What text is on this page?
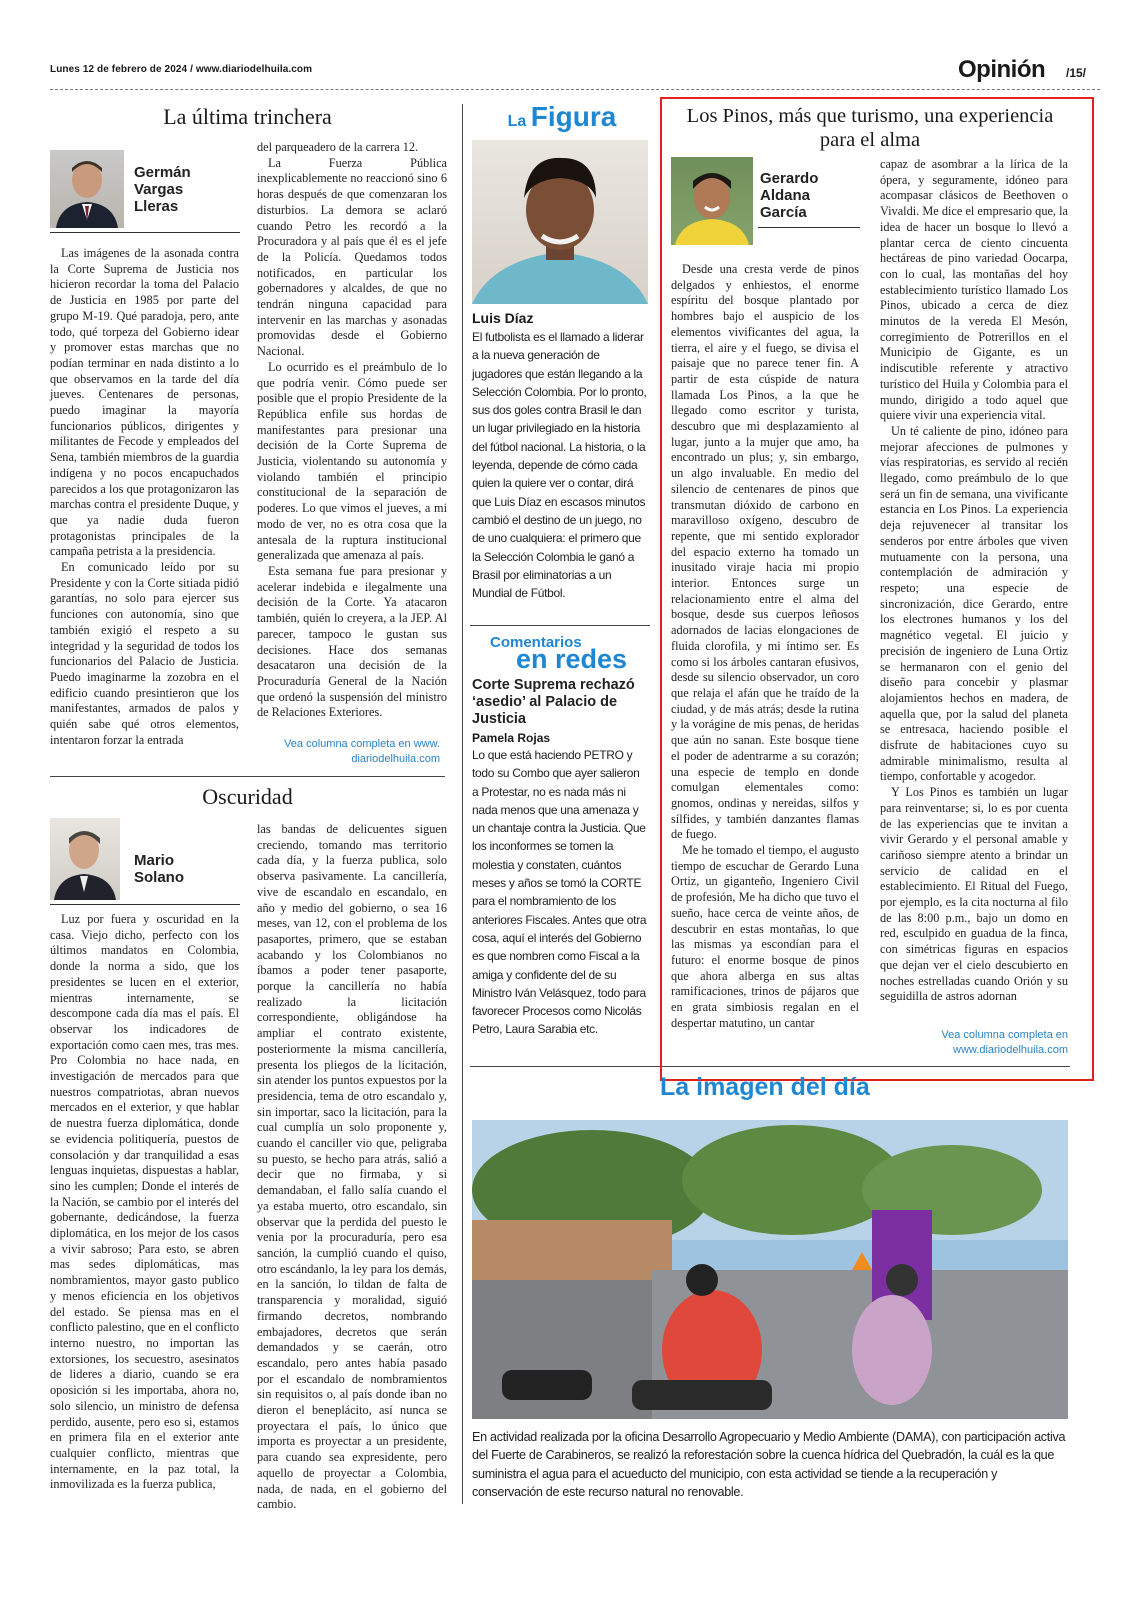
Lunes 12 de febrero de 2024 / www.diariodelhuila.com	Opinión /15/
La última trinchera
Germán Vargas Lleras

Las imágenes de la asonada contra la Corte Suprema de Justicia nos hicieron recordar la toma del Palacio de Justicia en 1985 por parte del grupo M-19. Qué paradoja, pero, ante todo, qué torpeza del Gobierno idear y promover estas marchas que no podían terminar en nada distinto a lo que observamos en la tarde del día jueves. Centenares de personas, puedo imaginar la mayoría funcionarios públicos, dirigentes y militantes de Fecode y empleados del Sena, también miembros de la guardia indígena y no pocos encapuchados parecidos a los que protagonizaron las marchas contra el presidente Duque, y que ya nadie duda fueron protagonistas principales de la campaña petrista a la presidencia.

En comunicado leído por su Presidente y con la Corte sitiada pidió garantías, no solo para ejercer sus funciones con autonomía, sino que también exigió el respeto a su integridad y la seguridad de todos los funcionarios del Palacio de Justicia. Puedo imaginarme la zozobra en el edificio cuando presintieron que los manifestantes, armados de palos y quién sabe qué otros elementos, intentaron forzar la entrada

del parqueadero de la carrera 12.

La Fuerza Pública inexplicablemente no reaccionó sino 6 horas después de que comenzaran los disturbios. La demora se aclaró cuando Petro les recordó a la Procuradora y al país que él es el jefe de la Policía. Quedamos todos notificados, en particular los gobernadores y alcaldes, de que no tendrán ninguna capacidad para intervenir en las marchas y asonadas promovidas desde el Gobierno Nacional.

Lo ocurrido es el preámbulo de lo que podría venir. Cómo puede ser posible que el propio Presidente de la República enfile sus hordas de manifestantes para presionar una decisión de la Corte Suprema de Justicia, violentando su autonomía y violando también el principio constitucional de la separación de poderes. Lo que vimos el jueves, a mi modo de ver, no es otra cosa que la antesala de la ruptura institucional generalizada que amenaza al país.

Esta semana fue para presionar y acelerar indebida e ilegalmente una decisión de la Corte. Ya atacaron también, quién lo creyera, a la JEP. Al parecer, tampoco le gustan sus decisiones. Hace dos semanas desacataron una decisión de la Procuraduría General de la Nación que ordenó la suspensión del ministro de Relaciones Exteriores.

Vea columna completa en www. diariodelhuila.com
Oscuridad
Mario Solano

Luz por fuera y oscuridad en la casa. Viejo dicho, perfecto con los últimos mandatos en Colombia, donde la norma a sido, que los presidentes se lucen en el exterior, mientras internamente, se descompone cada día mas el país. El observar los indicadores de exportación como caen mes, tras mes. Pro Colombia no hace nada, en investigación de mercados para que nuestros compatriotas, abran nuevos mercados en el exterior, y que hablar de nuestra fuerza diplomática, donde se evidencia politiquería, puestos de consolación y dar tranquilidad a esas lenguas inquietas, dispuestas a hablar, sino les cumplen; Donde el interés de la Nación, se cambio por el interés del gobernante, dedicándose, la fuerza diplomática, en los mejor de los casos a vivir sabroso; Para esto, se abren mas sedes diplomáticas, mas nombramientos, mayor gasto publico y menos eficiencia en los objetivos del estado. Se piensa mas en el conflicto palestino, que en el conflicto interno nuestro, no importan las extorsiones, los secuestro, asesinatos de lideres a diario, cuando se era oposición si les importaba, ahora no, solo silencio, un ministro de defensa perdido, ausente, pero eso si, estamos en primera fila en el exterior ante cualquier conflicto, mientras que internamente, en la paz total, la inmovilizada es la fuerza publica,

las bandas de delicuentes siguen creciendo, tomando mas territorio cada día, y la fuerza publica, solo observa pasivamente. La cancillería, vive de escandalo en escandalo, en año y medio del gobierno, o sea 16 meses, van 12, con el problema de los pasaportes, primero, que se estaban acabando y los Colombianos no íbamos a poder tener pasaporte, porque la cancillería no había realizado la licitación correspondiente, obligándose ha ampliar el contrato existente, posteriormente la misma cancillería, presenta los pliegos de la licitación, sin atender los puntos expuestos por la presidencia, tema de otro escandalo y, sin importar, saco la licitación, para la cual cumplía un solo proponente y, cuando el canciller vio que, peligraba su puesto, se hecho para atrás, salió a decir que no firmaba, y si demandaban, el fallo salía cuando el ya estaba muerto, otro escandalo, sin observar que la perdida del puesto le venia por la procuraduría, pero esa sanción, la cumplió cuando el quiso, otro escándanlo, la ley para los demás, en la sanción, lo tildan de falta de transparencia y moralidad, siguió firmando decretos, nombrando embajadores, decretos que serán demandados y se caerán, otro escandalo, pero antes había pasado por el escandalo de nombramientos sin requisitos o, al país donde iban no dieron el beneplácito, así nunca se proyectara el país, lo único que importa es proyectar a un presidente, para cuando sea expresidente, pero aquello de proyectar a Colombia, nada, de nada, en el gobierno del cambio.

La Figura
Luis Díaz
El futbolista es el llamado a liderar a la nueva generación de jugadores que están llegando a la Selección Colombia. Por lo pronto, sus dos goles contra Brasil le dan un lugar privilegiado en la historia del fútbol nacional. La historia, o la leyenda, depende de cómo cada quien la quiere ver o contar, dirá que Luis Díaz en escasos minutos cambió el destino de un juego, no de uno cualquiera: el primero que la Selección Colombia le ganó a Brasil por eliminatorias a un Mundial de Fútbol.
Comentarios
en redes
Corte Suprema rechazó ‘asedio’ al Palacio de Justicia
Pamela Rojas
Lo que está haciendo PETRO y todo su Combo que ayer salieron a Protestar, no es nada más ni nada menos que una amenaza y un chantaje contra la Justicia. Que los inconformes se tomen la molestia y constaten, cuántos meses y años se tomó la CORTE para el nombramiento de los anteriores Fiscales. Antes que otra cosa, aquí el interés del Gobierno es que nombren como Fiscal a la amiga y confidente del de su Ministro Iván Velásquez, todo para favorecer Procesos como Nicolás Petro, Laura Sarabia etc.
Los Pinos, más que turismo, una experiencia para el alma
Gerardo Aldana García

Desde una cresta verde de pinos delgados y enhiestos, el enorme espíritu del bosque plantado por hombres bajo el auspicio de los elementos vivificantes del agua, la tierra, el aire y el fuego, se divisa el paisaje que no parece tener fin. A partir de esta cúspide de natura llamada Los Pinos, a la que he llegado como escritor y turista, descubro que mi desplazamiento al lugar, junto a la mujer que amo, ha encontrado un plus; y, sin embargo, un algo invaluable. En medio del silencio de centenares de pinos que transmutan dióxido de carbono en maravilloso oxígeno, descubro de repente, que mi sentido explorador del espacio externo ha tomado un inusitado viraje hacia mi propio interior. Entonces surge un relacionamiento entre el alma del bosque, desde sus cuerpos leñosos adornados de lacias elongaciones de fluida clorofila, y mi íntimo ser. Es como si los árboles cantaran efusivos, desde su silencio observador, un coro que relaja el afán que he traído de la ciudad, y de más atrás; desde la rutina y la vorágine de mis penas, de heridas que aún no sanan. Este bosque tiene el poder de adentrarme a su corazón; una especie de templo en donde comulgan elementales como: gnomos, ondinas y nereidas, silfos y sílfides, y también danzantes flamas de fuego.

Me he tomado el tiempo, el augusto tiempo de escuchar de Gerardo Luna Ortiz, un giganteño, Ingeniero Civil de profesión, Me ha dicho que tuvo el sueño, hace cerca de veinte años, de descubrir en estas montañas, lo que las mismas ya escondían para el futuro: el enorme bosque de pinos que ahora alberga en sus altas ramificaciones, trinos de pájaros que en grata simbiosis regalan en el despertar matutino, un cantar

capaz de asombrar a la lírica de la ópera, y seguramente, idóneo para acompasar clásicos de Beethoven o Vivaldi. Me dice el empresario que, la idea de hacer un bosque lo llevó a plantar cerca de ciento cincuenta hectáreas de pino variedad Oocarpa, con lo cual, las montañas del hoy establecimiento turístico llamado Los Pinos, ubicado a cerca de diez minutos de la vereda El Mesón, corregimiento de Potrerillos en el Municipio de Gigante, es un indiscutible referente y atractivo turístico del Huila y Colombia para el mundo, dirigido a todo aquel que quiere vivir una experiencia vital.

Un té caliente de pino, idóneo para mejorar afecciones de pulmones y vías respiratorias, es servido al recién llegado, como preámbulo de lo que será un fin de semana, una vivificante estancia en Los Pinos. La experiencia deja rejuvenecer al transitar los senderos por entre árboles que viven mutuamente con la persona, una contemplación de admiración y respeto; una especie de sincronización, dice Gerardo, entre los electrones humanos y los del magnético vegetal. El juicio y precisión de ingeniero de Luna Ortiz se hermanaron con el genio del diseño para concebir y plasmar alojamientos hechos en madera, de aquella que, por la salud del planeta se entresaca, haciendo posible el disfrute de habitaciones cuyo su admirable minimalismo, resulta al tiempo, confortable y acogedor.

Y Los Pinos es también un lugar para reinventarse; si, lo es por cuenta de las experiencias que te invitan a vivir Gerardo y el personal amable y cariñoso siempre atento a brindar un servicio de calidad en el establecimiento. El Ritual del Fuego, por ejemplo, es la cita nocturna al filo de las 8:00 p.m., bajo un domo en red, esculpido en guadua de la finca, con simétricas figuras en espacios que dejan ver el cielo descubierto en noches estrelladas cuando Orión y su seguidilla de astros adornan

Vea columna completa en www.diariodelhuila.com
La imagen del día
En actividad realizada por la oficina Desarrollo Agropecuario y Medio Ambiente (DAMA), con participación activa del Fuerte de Carabineros, se realizó la reforestación sobre la cuenca hídrica del Quebradón, la cuál es la que suministra el agua para el acueducto del municipio, con esta actividad se tiende a la recuperación y conservación de este recurso natural no renovable.
